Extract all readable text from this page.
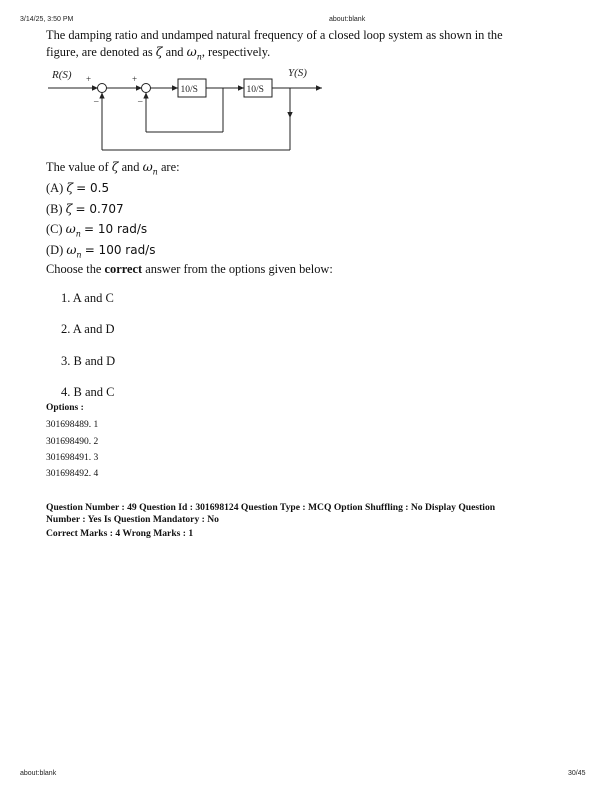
3/14/25, 3:50 PM	about:blank
The damping ratio and undamped natural frequency of a closed loop system as shown in the
figure, are denoted as ζ and $\omega_n$, respectively.
R(S)	Y(S)
+
–
+
–
10/S	10/S
The value of ζ and $\omega_n$ are:
(A) ζ = 0.5
(B) ζ = 0.707
(C) $\omega_n = 10$ rad/s
(D) $\omega_n = 100$ rad/s
Choose the correct answer from the options given below:
1. A and C
2. A and D
3. B and D
4. B and C
Options :
301698489. 1
301698490. 2
301698491. 3
301698492. 4
Question Number : 49 Question Id : 301698124 Question Type : MCQ Option Shuffling : No Display Question
Number : Yes Is Question Mandatory : No
Correct Marks : 4 Wrong Marks : 1
about:blank	30/45
